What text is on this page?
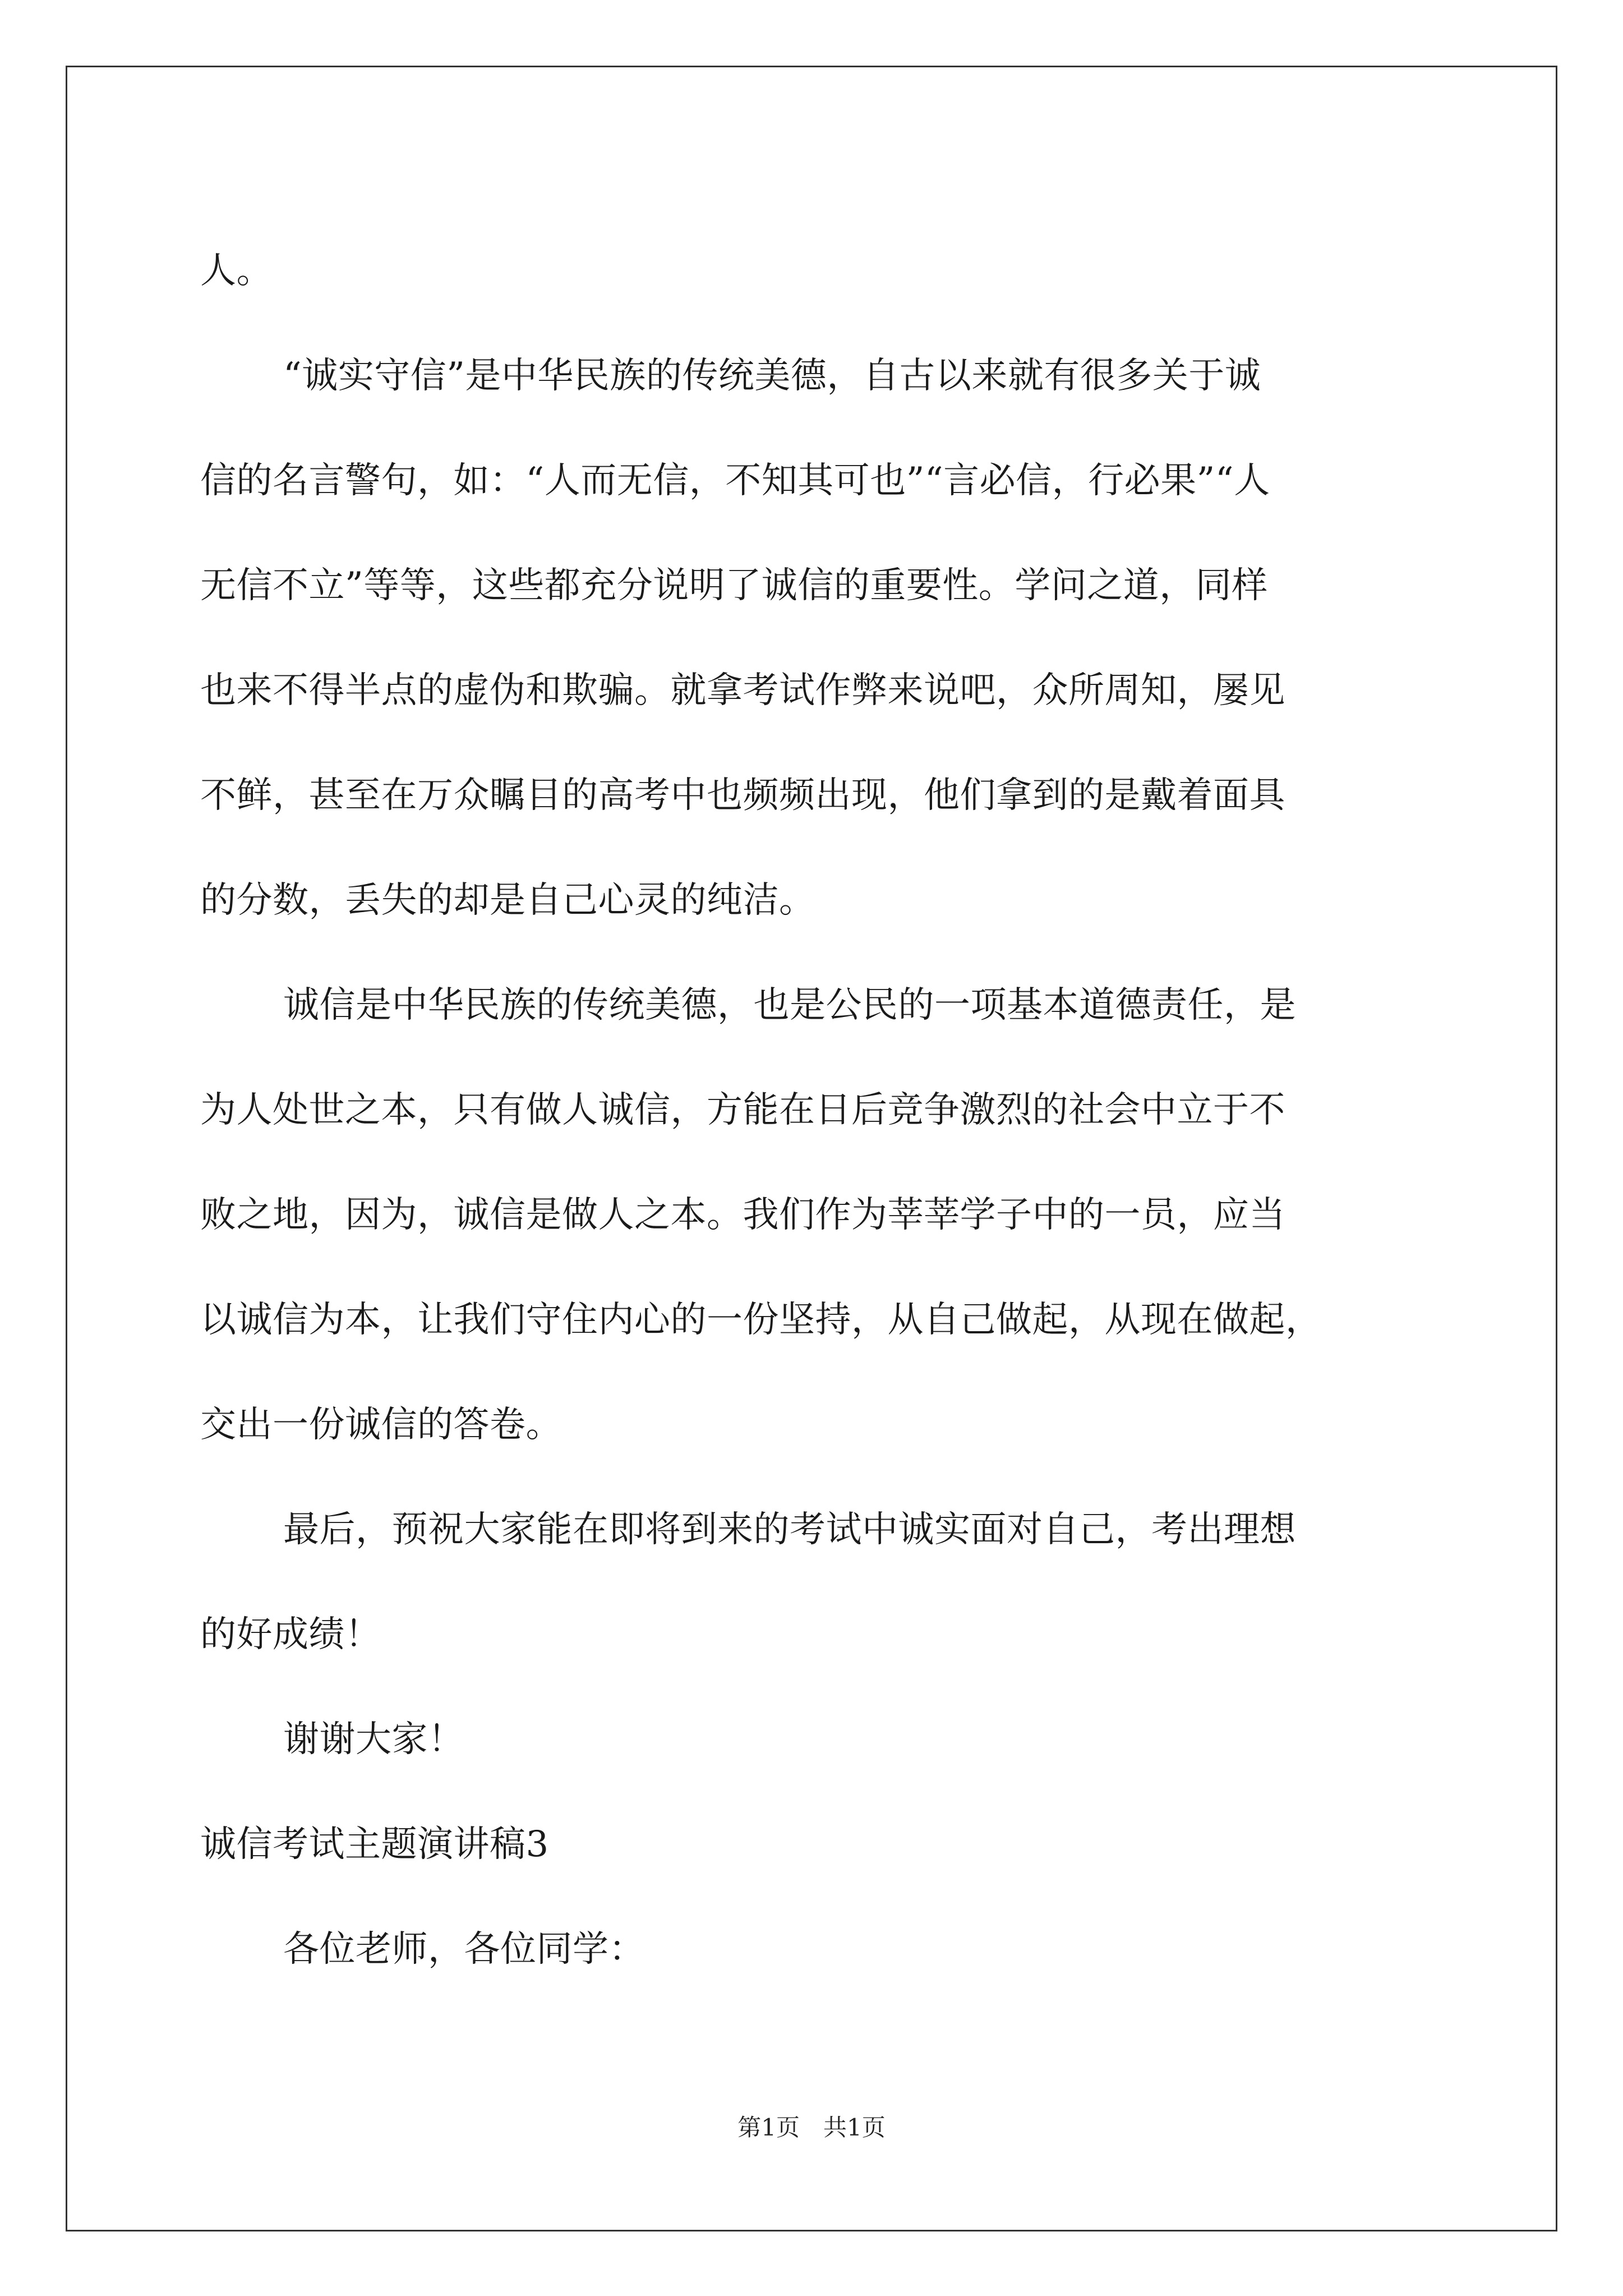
人。
“诚实守信”是中华民族的传统美德，自古以来就有很多关于诚
信的名言警句，如：“人而无信，不知其可也”“言必信，行必果”“人
无信不立”等等，这些都充分说明了诚信的重要性。学问之道，同样
也来不得半点的虚伪和欺骗。就拿考试作弊来说吧，众所周知，屡见
不鲜，甚至在万众瞩目的高考中也频频出现，他们拿到的是戴着面具
的分数，丢失的却是自己心灵的纯洁。
诚信是中华民族的传统美德，也是公民的一项基本道德责任，是
为人处世之本，只有做人诚信，方能在日后竞争激烈的社会中立于不
败之地，因为，诚信是做人之本。我们作为莘莘学子中的一员，应当
以诚信为本，让我们守住内心的一份坚持，从自己做起，从现在做起，
交出一份诚信的答卷。
最后，预祝大家能在即将到来的考试中诚实面对自己，考出理想
的好成绩！
谢谢大家！
诚信考试主题演讲稿3
各位老师，各位同学：
第1页　共1页
